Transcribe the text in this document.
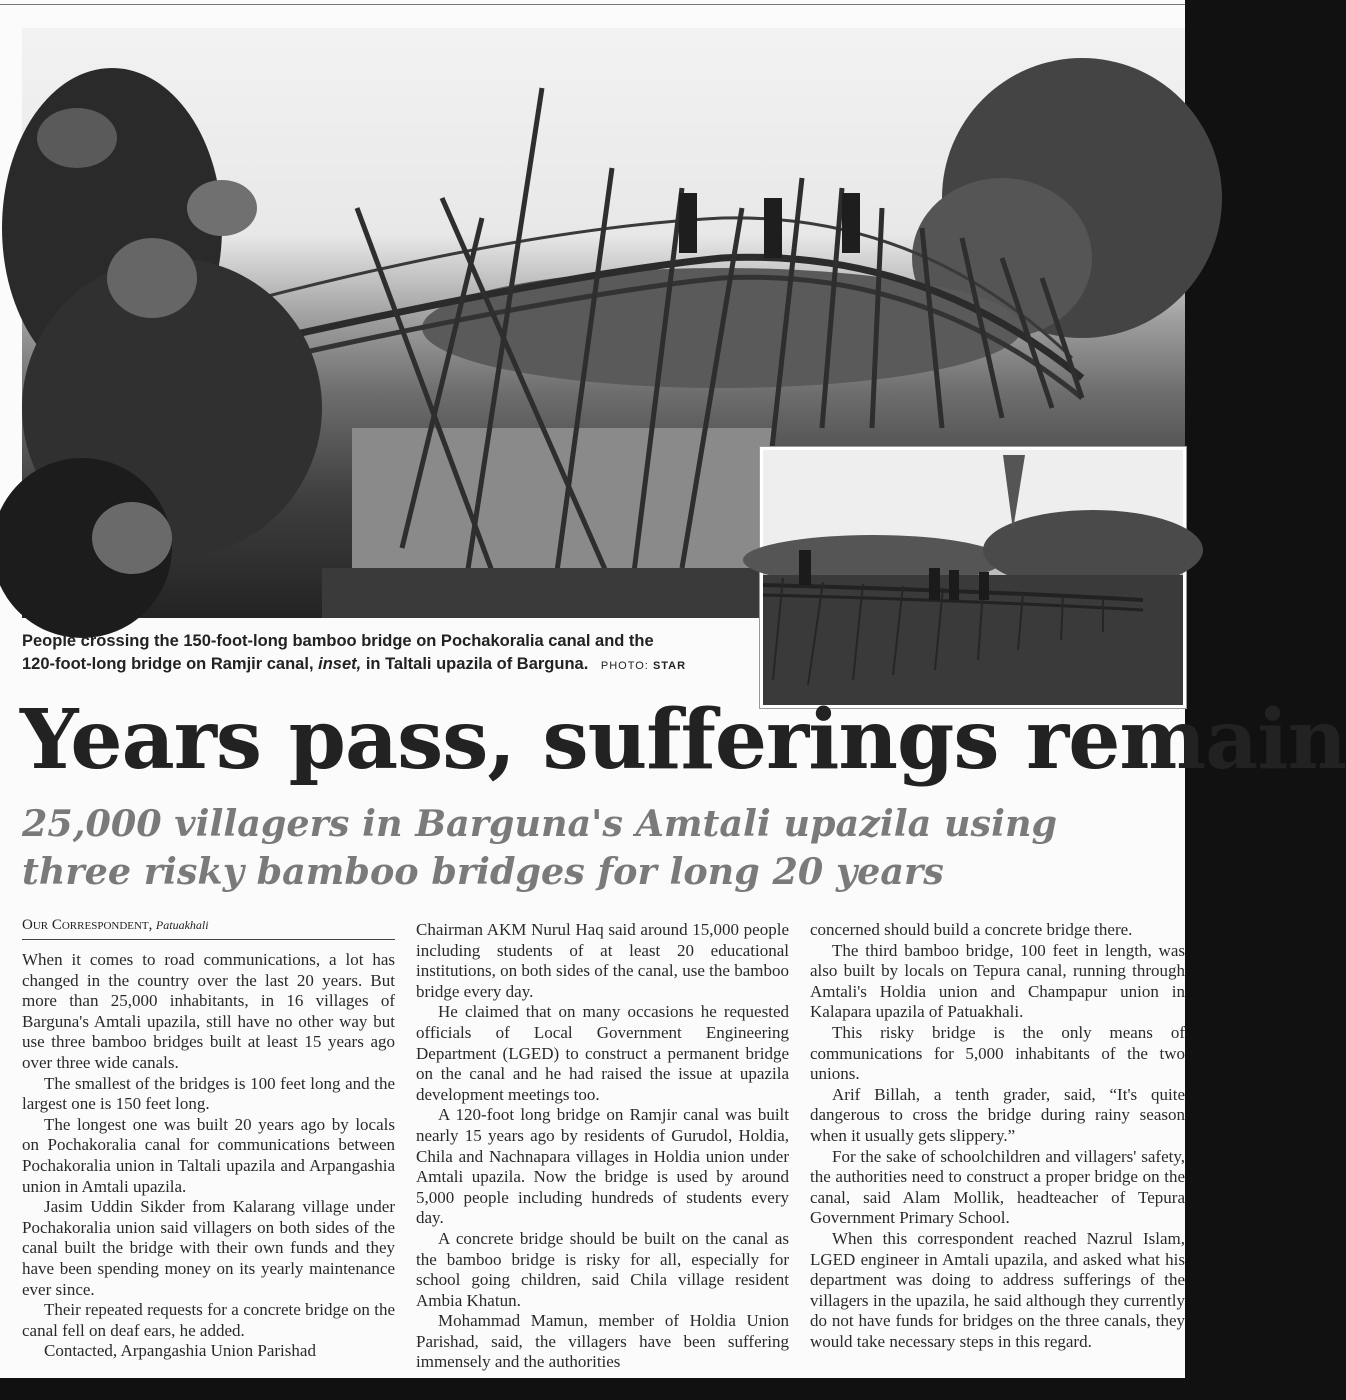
People crossing the 150-foot-long bamboo bridge on Pochakoralia canal and the
120-foot-long bridge on Ramjir canal, inset, in Taltali upazila of Barguna. PHOTO: STAR
Years pass, sufferings remain
25,000 villagers in Barguna's Amtali upazila using three risky bamboo bridges for long 20 years
Our Correspondent, Patuakhali

When it comes to road communications, a lot has changed in the country over the last 20 years. But more than 25,000 inhabitants, in 16 villages of Barguna's Amtali upazila, still have no other way but use three bamboo bridges built at least 15 years ago over three wide canals.

The smallest of the bridges is 100 feet long and the largest one is 150 feet long.

The longest one was built 20 years ago by locals on Pochakoralia canal for communications between Pochakoralia union in Taltali upazila and Arpangashia union in Amtali upazila.

Jasim Uddin Sikder from Kalarang village under Pochakoralia union said villagers on both sides of the canal built the bridge with their own funds and they have been spending money on its yearly maintenance ever since.

Their repeated requests for a concrete bridge on the canal fell on deaf ears, he added.

Contacted, Arpangashia Union Parishad

Chairman AKM Nurul Haq said around 15,000 people including students of at least 20 educational institutions, on both sides of the canal, use the bamboo bridge every day.

He claimed that on many occasions he requested officials of Local Government Engineering Department (LGED) to construct a permanent bridge on the canal and he had raised the issue at upazila development meetings too.

A 120-foot long bridge on Ramjir canal was built nearly 15 years ago by residents of Gurudol, Holdia, Chila and Nachnapara villages in Holdia union under Amtali upazila. Now the bridge is used by around 5,000 people including hundreds of students every day.

A concrete bridge should be built on the canal as the bamboo bridge is risky for all, especially for school going children, said Chila village resident Ambia Khatun.

Mohammad Mamun, member of Holdia Union Parishad, said, the villagers have been suffering immensely and the authorities

concerned should build a concrete bridge there.

The third bamboo bridge, 100 feet in length, was also built by locals on Tepura canal, running through Amtali's Holdia union and Champapur union in Kalapara upazila of Patuakhali.

This risky bridge is the only means of communications for 5,000 inhabitants of the two unions.

Arif Billah, a tenth grader, said, “It's quite dangerous to cross the bridge during rainy season when it usually gets slippery.”

For the sake of schoolchildren and villagers' safety, the authorities need to construct a proper bridge on the canal, said Alam Mollik, headteacher of Tepura Government Primary School.

When this correspondent reached Nazrul Islam, LGED engineer in Amtali upazila, and asked what his department was doing to address sufferings of the villagers in the upazila, he said although they currently do not have funds for bridges on the three canals, they would take necessary steps in this regard.
